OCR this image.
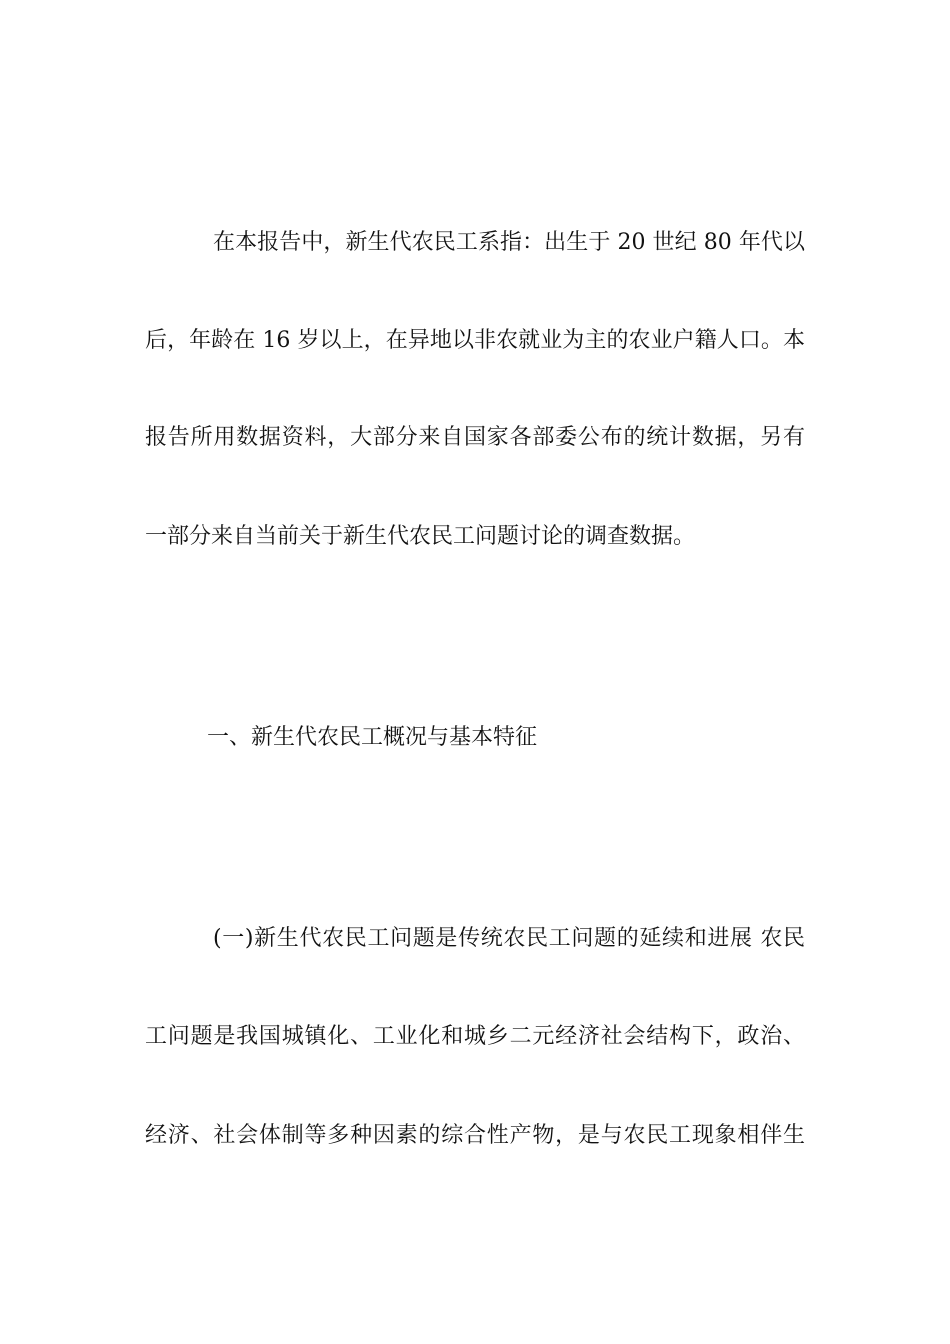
在本报告中，新生代农民工系指：出生于 20 世纪 80 年代以
后，年龄在 16 岁以上，在异地以非农就业为主的农业户籍人口。本
报告所用数据资料，大部分来自国家各部委公布的统计数据，另有
一部分来自当前关于新生代农民工问题讨论的调查数据。
一、新生代农民工概况与基本特征
(一)新生代农民工问题是传统农民工问题的延续和进展 农民
工问题是我国城镇化、工业化和城乡二元经济社会结构下，政治、
经济、社会体制等多种因素的综合性产物，是与农民工现象相伴生
